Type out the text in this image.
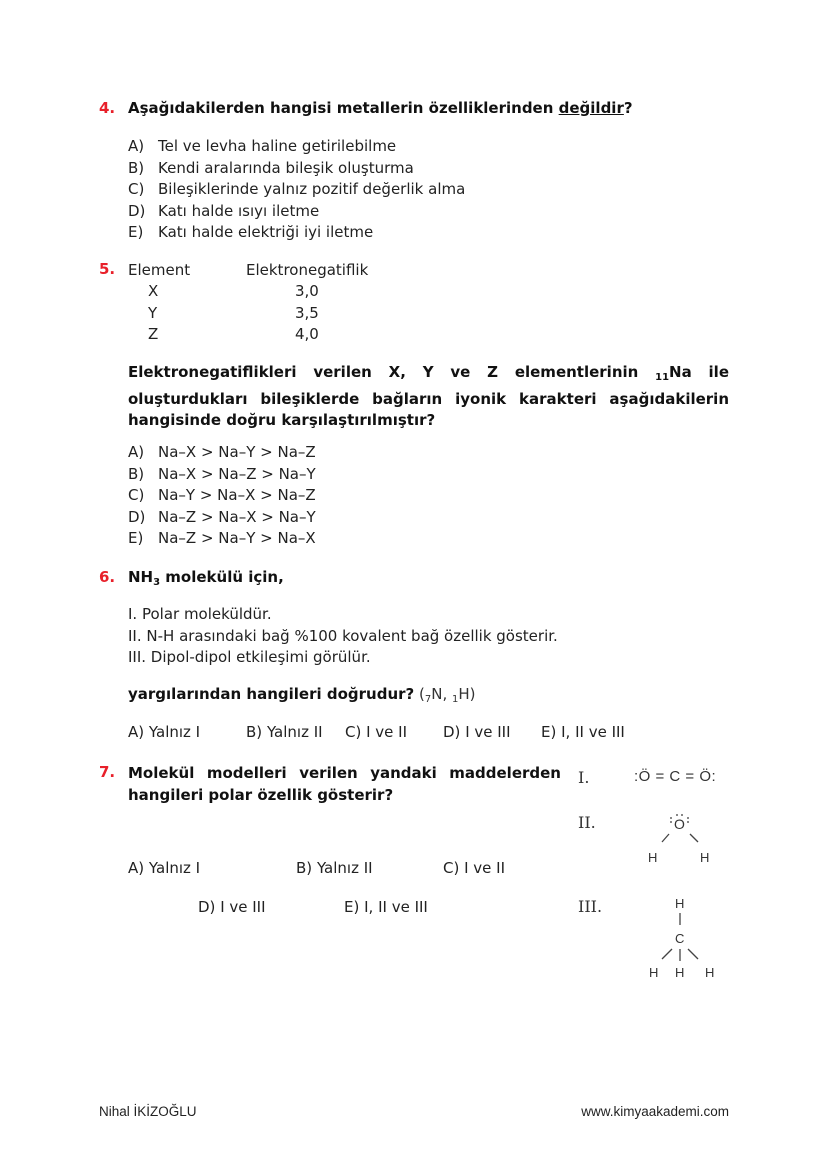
4. Aşağıdakilerden hangisi metallerin özelliklerinden değildir?
A) Tel ve levha haline getirilebilme
B) Kendi aralarında bileşik oluşturma
C) Bileşiklerinde yalnız pozitif değerlik alma
D) Katı halde ısıyı iletme
E) Katı halde elektriği iyi iletme
5. Element	Elektronegatiflik
X	3,0
Y	3,5
Z	4,0
Elektronegatiflikleri verilen X, Y ve Z elementlerinin $_{11}$Na ile oluşturdukları bileşiklerde bağların iyonik karakteri aşağıdakilerin hangisinde doğru karşılaştırılmıştır?
A) Na–X > Na–Y > Na–Z
B) Na–X > Na–Z > Na–Y
C) Na–Y > Na–X > Na–Z
D) Na–Z > Na–X > Na–Y
E) Na–Z > Na–Y > Na–X
6. $NH_3$ molekülü için,
I. Polar moleküldür.
II. N-H arasındaki bağ %100 kovalent bağ özellik gösterir.
III. Dipol-dipol etkileşimi görülür.
yargılarından hangileri doğrudur? ($_7N$, $_1$H)
A) Yalnız I	B) Yalnız II C) I ve II D) I ve III E) I, II ve III
7. Molekül modelleri verilen yandaki maddelerden hangileri polar özellik gösterir?
A) Yalnız I	B) Yalnız II	C) I ve II
D) I ve III	E) I, II ve III
I.	:Ö = C = Ö:
II.	O
H	H
III.	H
C
H H H
Nihal İKİZOĞLU	www.kimyaakademi.com
